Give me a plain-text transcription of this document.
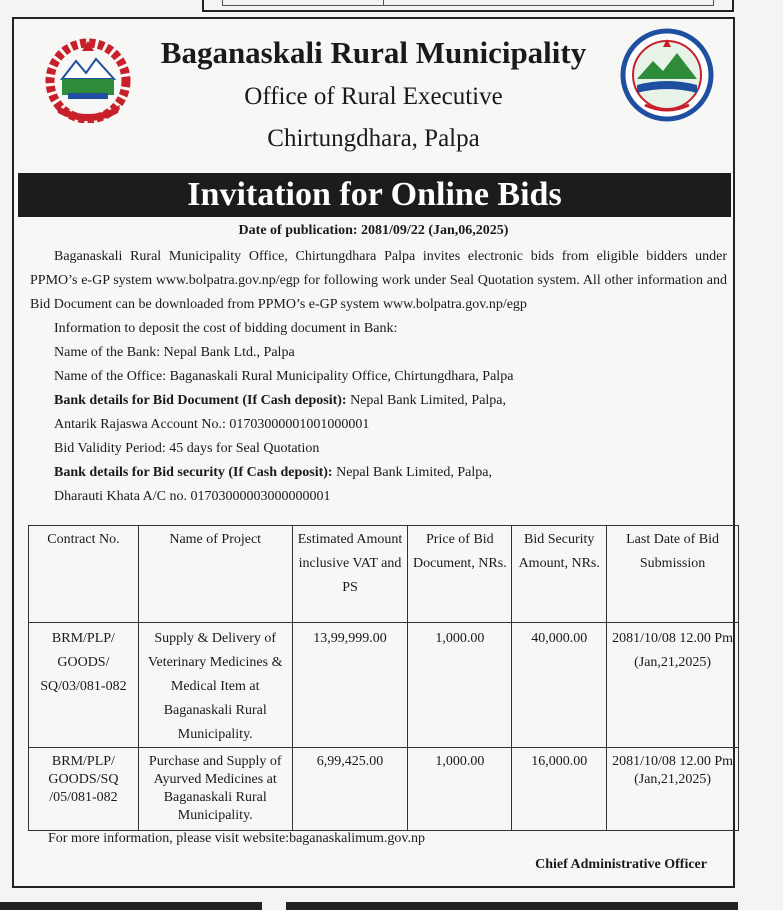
Baganaskali Rural Municipality
Office of Rural Executive
Chirtungdhara, Palpa
Invitation for Online Bids
Date of publication: 2081/09/22 (Jan,06,2025)

Baganaskali Rural Municipality Office, Chirtungdhara Palpa invites electronic bids from eligible bidders under PPMO’s e-GP system www.bolpatra.gov.np/egp for following work under Seal Quotation system. All other information and Bid Document can be downloaded from PPMO’s e-GP system www.bolpatra.gov.np/egp

Information to deposit the cost of bidding document in Bank:

Name of the Bank: Nepal Bank Ltd., Palpa

Name of the Office: Baganaskali Rural Municipality Office, Chirtungdhara, Palpa

Bank details for Bid Document (If Cash deposit): Nepal Bank Limited, Palpa,

Antarik Rajaswa Account No.: 01703000001001000001

Bid Validity Period: 45 days for Seal Quotation

Bank details for Bid security (If Cash deposit): Nepal Bank Limited, Palpa,

Dharauti Khata A/C no. 01703000003000000001

Contract No.	Name of Project	Estimated Amount inclusive VAT and PS	Price of Bid Document, NRs.	Bid Security Amount, NRs.	Last Date of Bid Submission
BRM/PLP/ GOODS/ SQ/03/081-082	Supply & Delivery of Veterinary Medicines & Medical Item at Baganaskali Rural Municipality.	13,99,999.00	1,000.00	40,000.00	2081/10/08 12.00 Pm (Jan,21,2025)
BRM/PLP/ GOODS/SQ /05/081-082	Purchase and Supply of Ayurved Medicines at Baganaskali Rural Municipality.	6,99,425.00	1,000.00	16,000.00	2081/10/08 12.00 Pm (Jan,21,2025)
For more information, please visit website:baganaskalimum.gov.np
Chief Administrative Officer
